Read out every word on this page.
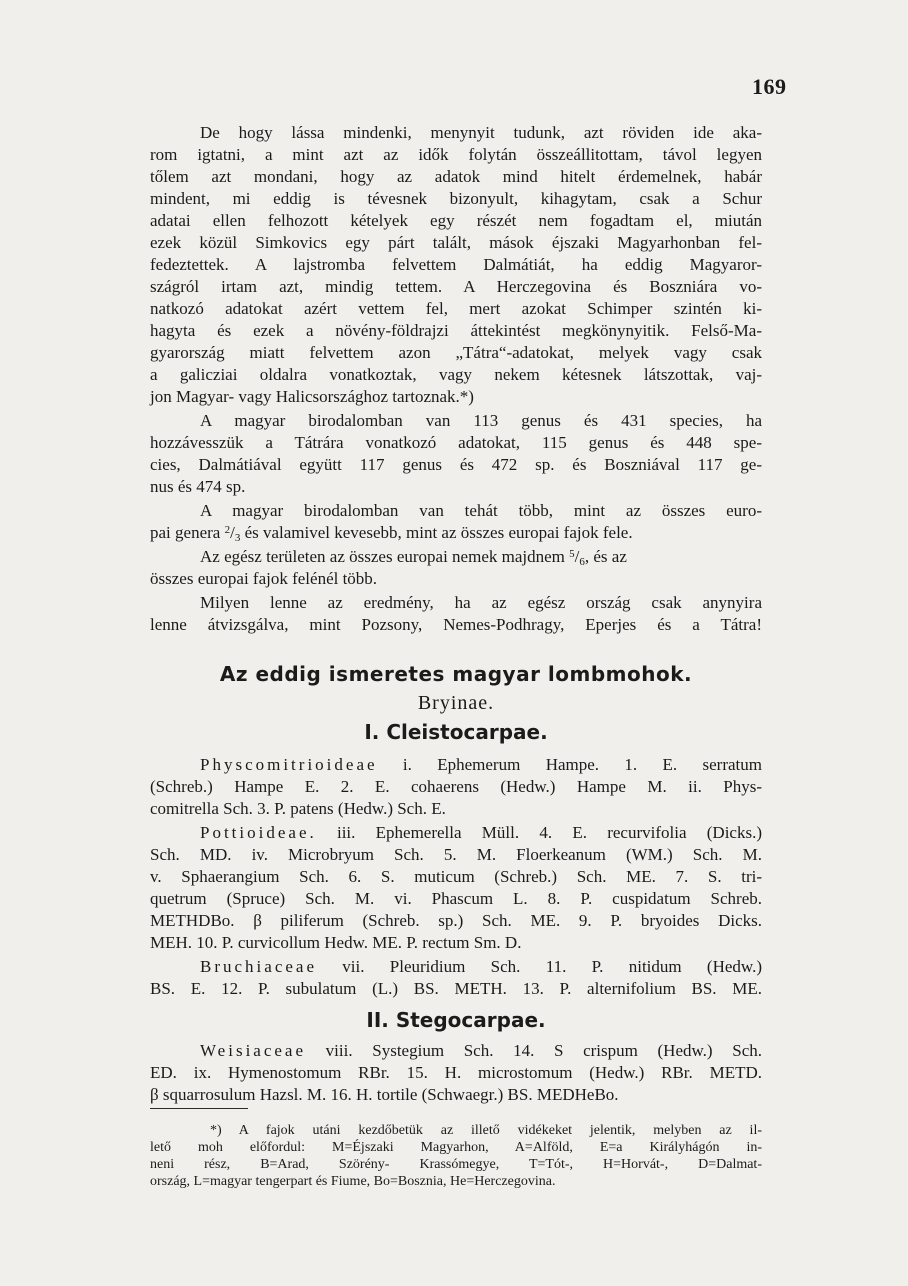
169
De hogy lássa mindenki, menynyit tudunk, azt röviden ide aka-
rom igtatni, a mint azt az idők folytán összeállitottam, távol legyen
tőlem azt mondani, hogy az adatok mind hitelt érdemelnek, habár
mindent, mi eddig is tévesnek bizonyult, kihagytam, csak a Schur
adatai ellen felhozott kételyek egy részét nem fogadtam el, miután
ezek közül Simkovics egy párt talált, mások éjszaki Magyarhonban fel-
fedeztettek. A lajstromba felvettem Dalmátiát, ha eddig Magyaror-
szágról irtam azt, mindig tettem. A Herczegovina és Boszniára vo-
natkozó adatokat azért vettem fel, mert azokat Schimper szintén ki-
hagyta és ezek a növény-földrajzi áttekintést megkönynyitik. Felső-Ma-
gyarország miatt felvettem azon „Tátra“-adatokat, melyek vagy csak
a galicziai oldalra vonatkoztak, vagy nekem kétesnek látszottak, vaj-
jon Magyar- vagy Halicsországhoz tartoznak.*)
A magyar birodalomban van 113 genus és 431 species, ha
hozzávesszük a Tátrára vonatkozó adatokat, 115 genus és 448 spe-
cies, Dalmátiával együtt 117 genus és 472 sp. és Boszniával 117 ge-
nus és 474 sp.
A magyar birodalomban van tehát több, mint az összes euro-
pai genera $^2/_3$ és valamivel kevesebb, mint az összes europai fajok fele.
Az egész területen az összes europai nemek majdnem $^5/_6$, és az
összes europai fajok felénél több.
Milyen lenne az eredmény, ha az egész ország csak anynyira
lenne átvizsgálva, mint Pozsony, Nemes-Podhragy, Eperjes és a Tátra!
Az eddig ismeretes magyar lombmohok.
Bryinae.
I. Cleistocarpae.
Physcomitrioideae i. Ephemerum Hampe. 1. E. serratum
(Schreb.) Hampe E. 2. E. cohaerens (Hedw.) Hampe M. ii. Phys-
comitrella Sch. 3. P. patens (Hedw.) Sch. E.
Pottioideae. iii. Ephemerella Müll. 4. E. recurvifolia (Dicks.)
Sch. MD. iv. Microbryum Sch. 5. M. Floerkeanum (WM.) Sch. M.
v. Sphaerangium Sch. 6. S. muticum (Schreb.) Sch. ME. 7. S. tri-
quetrum (Spruce) Sch. M. vi. Phascum L. 8. P. cuspidatum Schreb.
METHDBo. β piliferum (Schreb. sp.) Sch. ME. 9. P. bryoides Dicks.
MEH. 10. P. curvicollum Hedw. ME. P. rectum Sm. D.
Bruchiaceae vii. Pleuridium Sch. 11. P. nitidum (Hedw.)
BS. E. 12. P. subulatum (L.) BS. METH. 13. P. alternifolium BS. ME.
II. Stegocarpae.
Weisiaceae viii. Systegium Sch. 14. S crispum (Hedw.) Sch.
ED. ix. Hymenostomum RBr. 15. H. microstomum (Hedw.) RBr. METD.
β squarrosulum Hazsl. M. 16. H. tortile (Schwaegr.) BS. MEDHeBo.
*) A fajok utáni kezdőbetük az illető vidékeket jelentik, melyben az il-
lető moh előfordul: M=Éjszaki Magyarhon, A=Alföld, E=a Királyhágón in-
neni rész, B=Arad, Szörény- Krassómegye, T=Tót-, H=Horvát-, D=Dalmat-
ország, L=magyar tengerpart és Fiume, Bo=Bosznia, He=Herczegovina.
